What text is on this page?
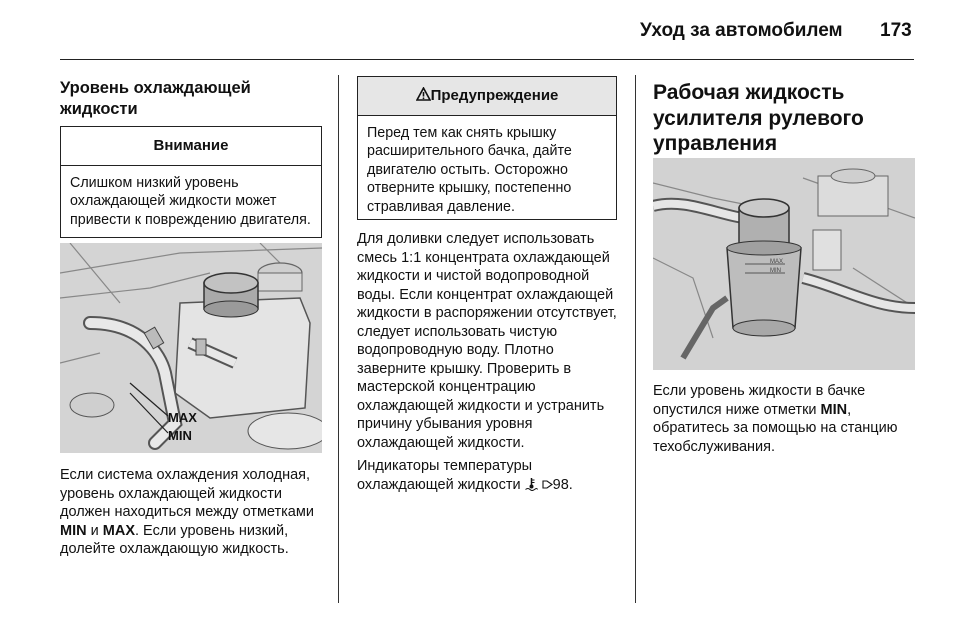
Уход за автомобилем 173
Уровень охлаждающей жидкости
Внимание
Слишком низкий уровень охлаждающей жидкости может привести к повреждению двигателя.
MAX
MIN

Если система охлаждения холодная, уровень охлаждающей жидкости должен находиться между отметками MIN и MAX. Если уровень низкий, долейте охлаждающую жидкость.

Предупреждение
Перед тем как снять крышку расширительного бачка, дайте двигателю остыть. Осторожно отверните крышку, постепенно стравливая давление.

Для доливки следует использовать смесь 1:1 концентрата охлаждающей жидкости и чистой водопроводной воды. Если концентрат охлаждающей жидкости в распоряжении отсутствует, следует использовать чистую водопроводную воду. Плотно заверните крышку. Проверить в мастерской концентрацию охлаждающей жидкости и устранить причину убывания уровня охлаждающей жидкости.

Индикаторы температуры охлаждающей жидкости  98.

Рабочая жидкость усилителя рулевого управления
MAX
MIN

Если уровень жидкости в бачке опустился ниже отметки MIN, обратитесь за помощью на станцию техобслуживания.
